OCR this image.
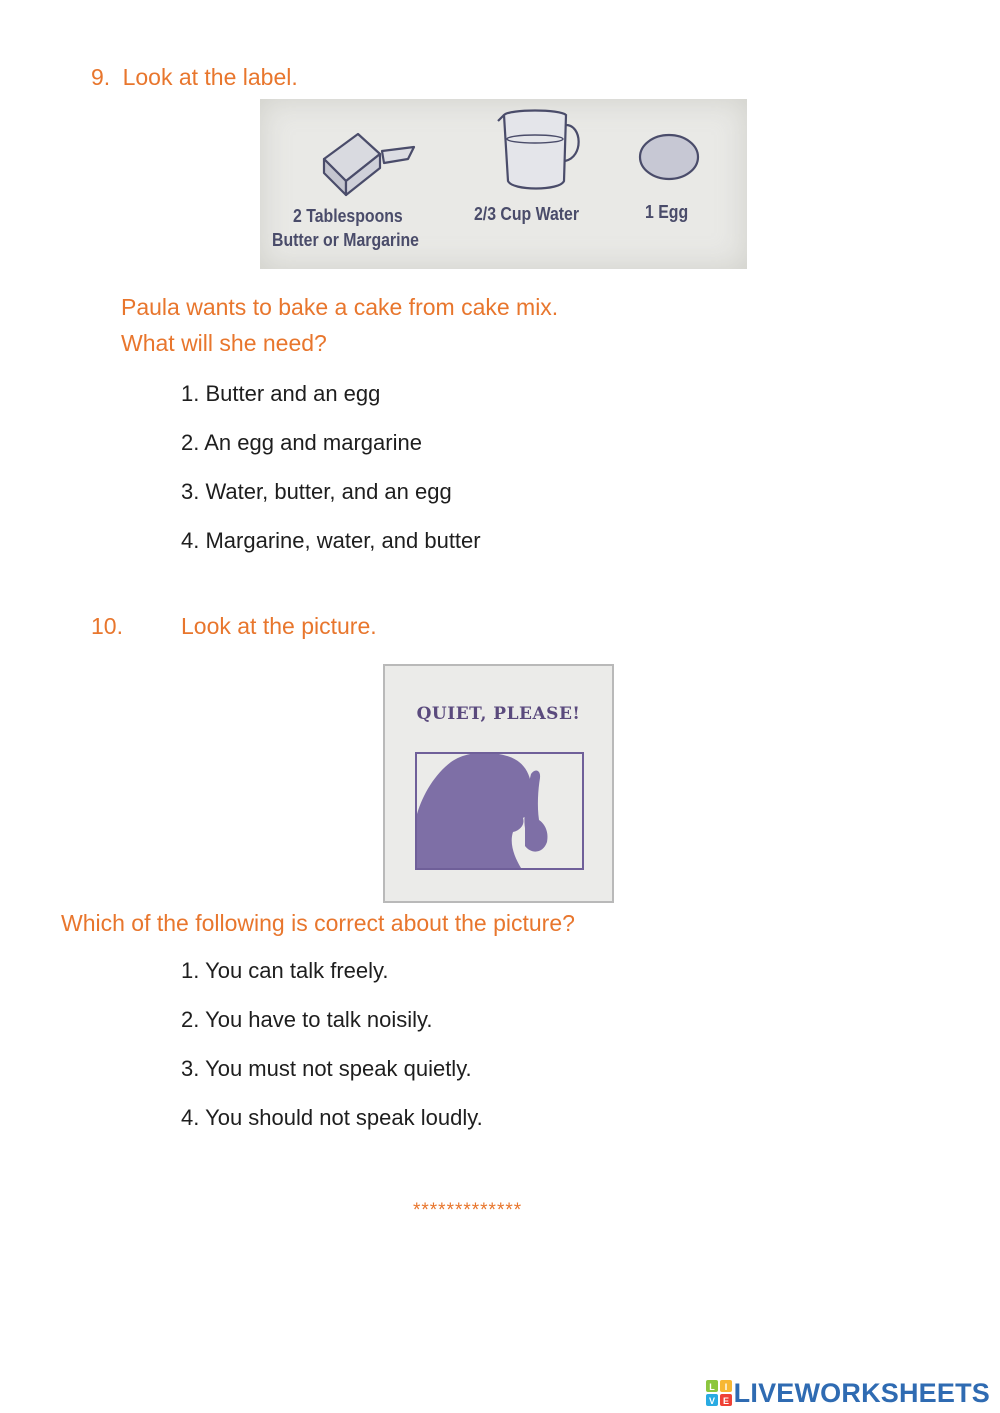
9. Look at the label.
2 Tablespoons
Butter or Margarine
2/3 Cup Water	1 Egg
Paula wants to bake a cake from cake mix.
What will she need?
1. Butter and an egg
2. An egg and margarine
3. Water, butter, and an egg
4. Margarine, water, and butter
10.	Look at the picture.
QUIET, PLEASE!
Which of the following is correct about the picture?
1. You can talk freely.
2. You have to talk noisily.
3. You must not speak quietly.
4. You should not speak loudly.
*************
L I
V E LIVEWORKSHEETS
